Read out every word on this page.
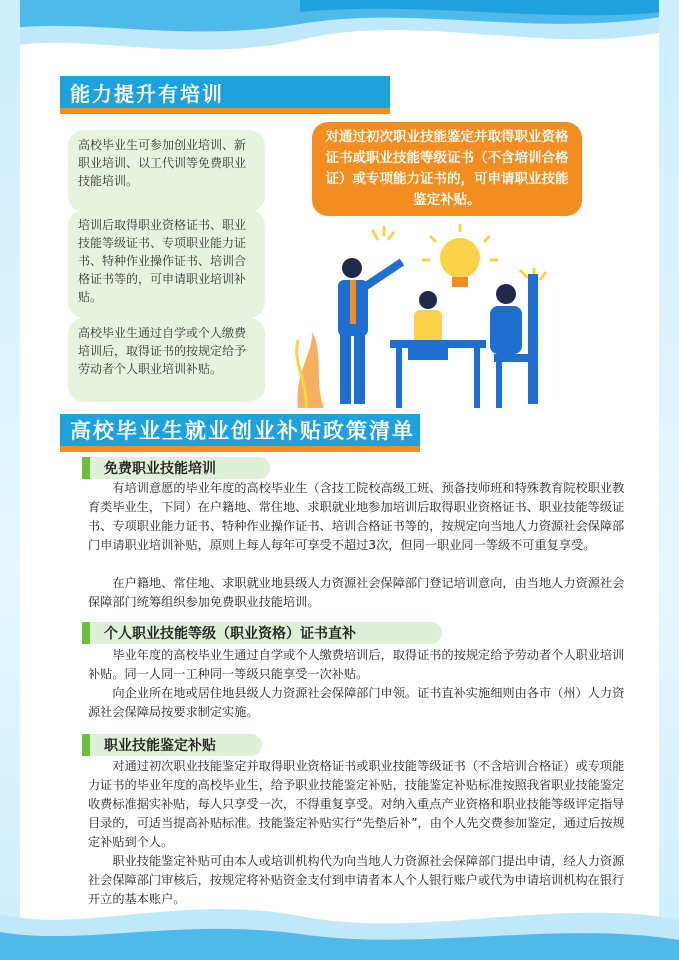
能力提升有培训
高校毕业生可参加创业培训、新职业培训、以工代训等免费职业技能培训。
培训后取得职业资格证书、职业技能等级证书、专项职业能力证书、特种作业操作证书、培训合格证书等的，可申请职业培训补贴。
高校毕业生通过自学或个人缴费培训后，取得证书的按规定给予劳动者个人职业培训补贴。
对通过初次职业技能鉴定并取得职业资格证书或职业技能等级证书（不含培训合格证）或专项能力证书的，可申请职业技能鉴定补贴。
高校毕业生就业创业补贴政策清单
免费职业技能培训

有培训意愿的毕业年度的高校毕业生（含技工院校高级工班、预备技师班和特殊教育院校职业教育类毕业生，下同）在户籍地、常住地、求职就业地参加培训后取得职业资格证书、职业技能等级证书、专项职业能力证书、特种作业操作证书、培训合格证书等的，按规定向当地人力资源社会保障部门申请职业培训补贴，原则上每人每年可享受不超过3次，但同一职业同一等级不可重复享受。

在户籍地、常住地、求职就业地县级人力资源社会保障部门登记培训意向，由当地人力资源社会保障部门统筹组织参加免费职业技能培训。

个人职业技能等级（职业资格）证书直补

毕业年度的高校毕业生通过自学或个人缴费培训后，取得证书的按规定给予劳动者个人职业培训补贴。同一人同一工种同一等级只能享受一次补贴。

向企业所在地或居住地县级人力资源社会保障部门申领。证书直补实施细则由各市（州）人力资源社会保障局按要求制定实施。

职业技能鉴定补贴

对通过初次职业技能鉴定并取得职业资格证书或职业技能等级证书（不含培训合格证）或专项能力证书的毕业年度的高校毕业生，给予职业技能鉴定补贴，技能鉴定补贴标准按照我省职业技能鉴定收费标准据实补贴，每人只享受一次，不得重复享受。对纳入重点产业资格和职业技能等级评定指导目录的，可适当提高补贴标准。技能鉴定补贴实行“先垫后补”，由个人先交费参加鉴定，通过后按规定补贴到个人。

职业技能鉴定补贴可由本人或培训机构代为向当地人力资源社会保障部门提出申请，经人力资源社会保障部门审核后，按规定将补贴资金支付到申请者本人个人银行账户或代为申请培训机构在银行开立的基本账户。
